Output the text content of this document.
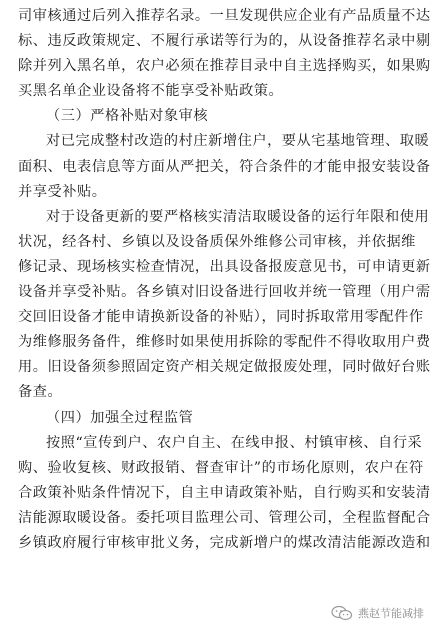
司审核通过后列入推荐名录。一旦发现供应企业有产品质量不达
标、违反政策规定、不履行承诺等行为的，从设备推荐名录中剔
除并列入黑名单，农户必须在推荐目录中自主选择购买，如果购
买黑名单企业设备将不能享受补贴政策。
（三）严格补贴对象审核
对已完成整村改造的村庄新增住户，要从宅基地管理、取暖
面积、电表信息等方面从严把关，符合条件的才能申报安装设备
并享受补贴。
对于设备更新的要严格核实清洁取暖设备的运行年限和使用
状况，经各村、乡镇以及设备质保外维修公司审核，并依据维
修记录、现场核实检查情况，出具设备报废意见书，可申请更新
设备并享受补贴。各乡镇对旧设备进行回收并统一管理（用户需
交回旧设备才能申请换新设备的补贴），同时拆取常用零配件作
为维修服务备件，维修时如果使用拆除的零配件不得收取用户费
用。旧设备须参照固定资产相关规定做报废处理，同时做好台账
备查。
（四）加强全过程监管
按照“宣传到户、农户自主、在线申报、村镇审核、自行采
购、验收复核、财政报销、督查审计”的市场化原则，农户在符
合政策补贴条件情况下，自主申请政策补贴，自行购买和安装清
洁能源取暖设备。委托项目监理公司、管理公司，全程监督配合
乡镇政府履行审核审批义务，完成新增户的煤改清洁能源改造和
燕赵节能减排
